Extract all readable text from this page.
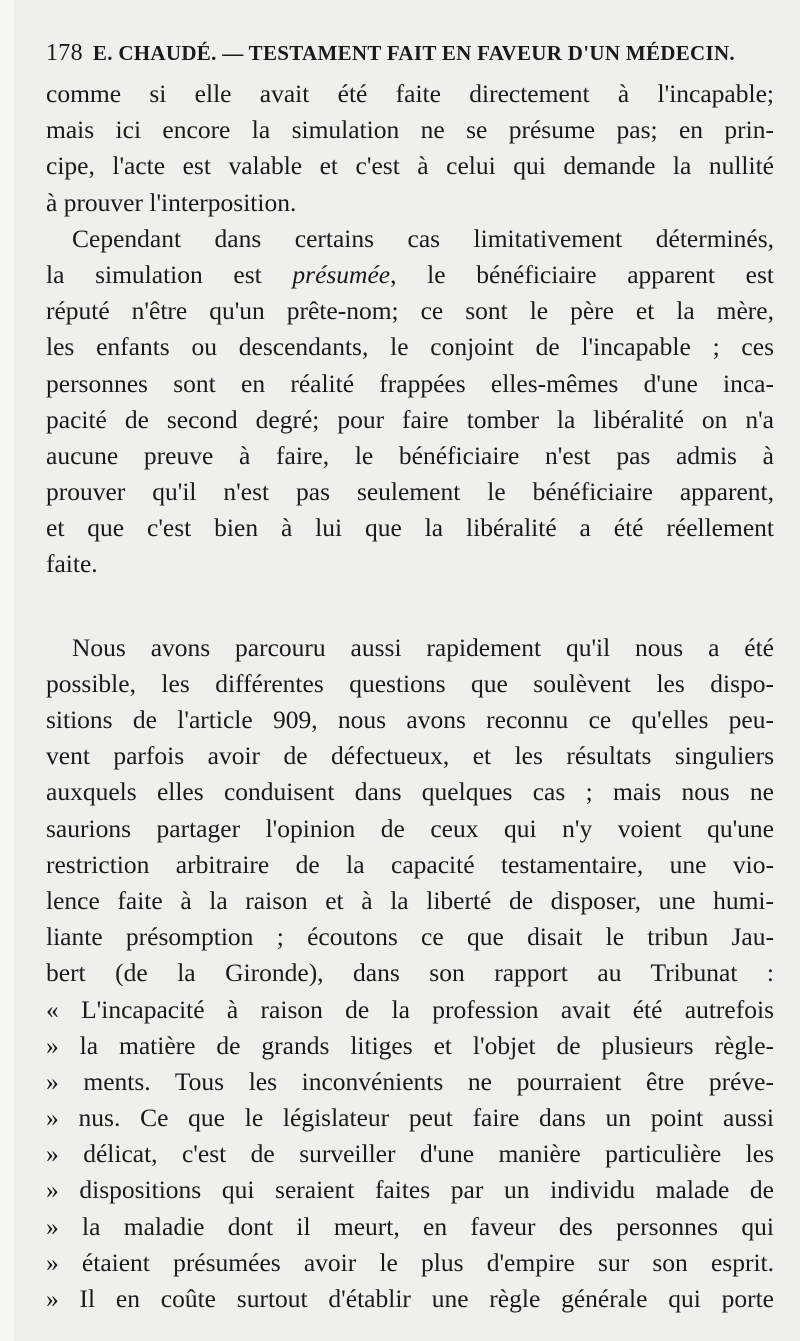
178 E. CHAUDÉ. — TESTAMENT FAIT EN FAVEUR D'UN MÉDECIN.
comme si elle avait été faite directement à l'incapable;
mais ici encore la simulation ne se présume pas; en prin-
cipe, l'acte est valable et c'est à celui qui demande la nullité
à prouver l'interposition.
Cependant dans certains cas limitativement déterminés,
la simulation est présumée, le bénéficiaire apparent est
réputé n'être qu'un prête-nom; ce sont le père et la mère,
les enfants ou descendants, le conjoint de l'incapable ; ces
personnes sont en réalité frappées elles-mêmes d'une inca-
pacité de second degré; pour faire tomber la libéralité on n'a
aucune preuve à faire, le bénéficiaire n'est pas admis à
prouver qu'il n'est pas seulement le bénéficiaire apparent,
et que c'est bien à lui que la libéralité a été réellement
faite.
Nous avons parcouru aussi rapidement qu'il nous a été
possible, les différentes questions que soulèvent les dispo-
sitions de l'article 909, nous avons reconnu ce qu'elles peu-
vent parfois avoir de défectueux, et les résultats singuliers
auxquels elles conduisent dans quelques cas ; mais nous ne
saurions partager l'opinion de ceux qui n'y voient qu'une
restriction arbitraire de la capacité testamentaire, une vio-
lence faite à la raison et à la liberté de disposer, une humi-
liante présomption ; écoutons ce que disait le tribun Jau-
bert (de la Gironde), dans son rapport au Tribunat :
« L'incapacité à raison de la profession avait été autrefois
» la matière de grands litiges et l'objet de plusieurs règle-
» ments. Tous les inconvénients ne pourraient être préve-
» nus. Ce que le législateur peut faire dans un point aussi
» délicat, c'est de surveiller d'une manière particulière les
» dispositions qui seraient faites par un individu malade de
» la maladie dont il meurt, en faveur des personnes qui
» étaient présumées avoir le plus d'empire sur son esprit.
» Il en coûte surtout d'établir une règle générale qui porte
